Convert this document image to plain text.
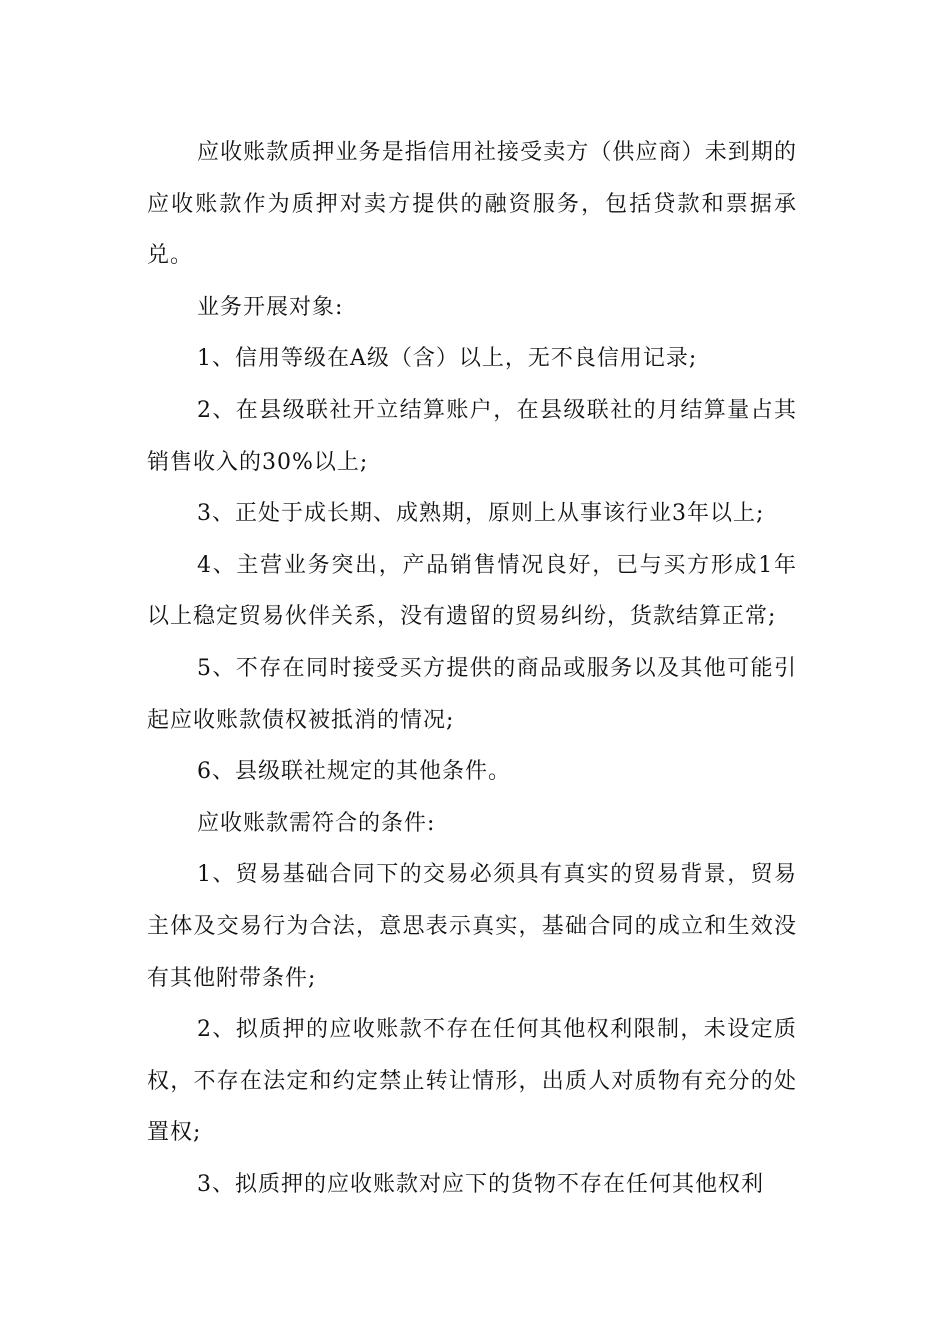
应收账款质押业务是指信用社接受卖方（供应商）未到期的应收账款作为质押对卖方提供的融资服务，包括贷款和票据承兑。

业务开展对象:

1、信用等级在A级（含）以上，无不良信用记录;

2、在县级联社开立结算账户，在县级联社的月结算量占其销售收入的30%以上;

3、正处于成长期、成熟期，原则上从事该行业3年以上;

4、主营业务突出，产品销售情况良好，已与买方形成1年以上稳定贸易伙伴关系，没有遗留的贸易纠纷，货款结算正常;

5、不存在同时接受买方提供的商品或服务以及其他可能引起应收账款债权被抵消的情况;

6、县级联社规定的其他条件。

应收账款需符合的条件:

1、贸易基础合同下的交易必须具有真实的贸易背景，贸易主体及交易行为合法，意思表示真实，基础合同的成立和生效没有其他附带条件;

2、拟质押的应收账款不存在任何其他权利限制，未设定质权，不存在法定和约定禁止转让情形，出质人对质物有充分的处置权;

3、拟质押的应收账款对应下的货物不存在任何其他权利
